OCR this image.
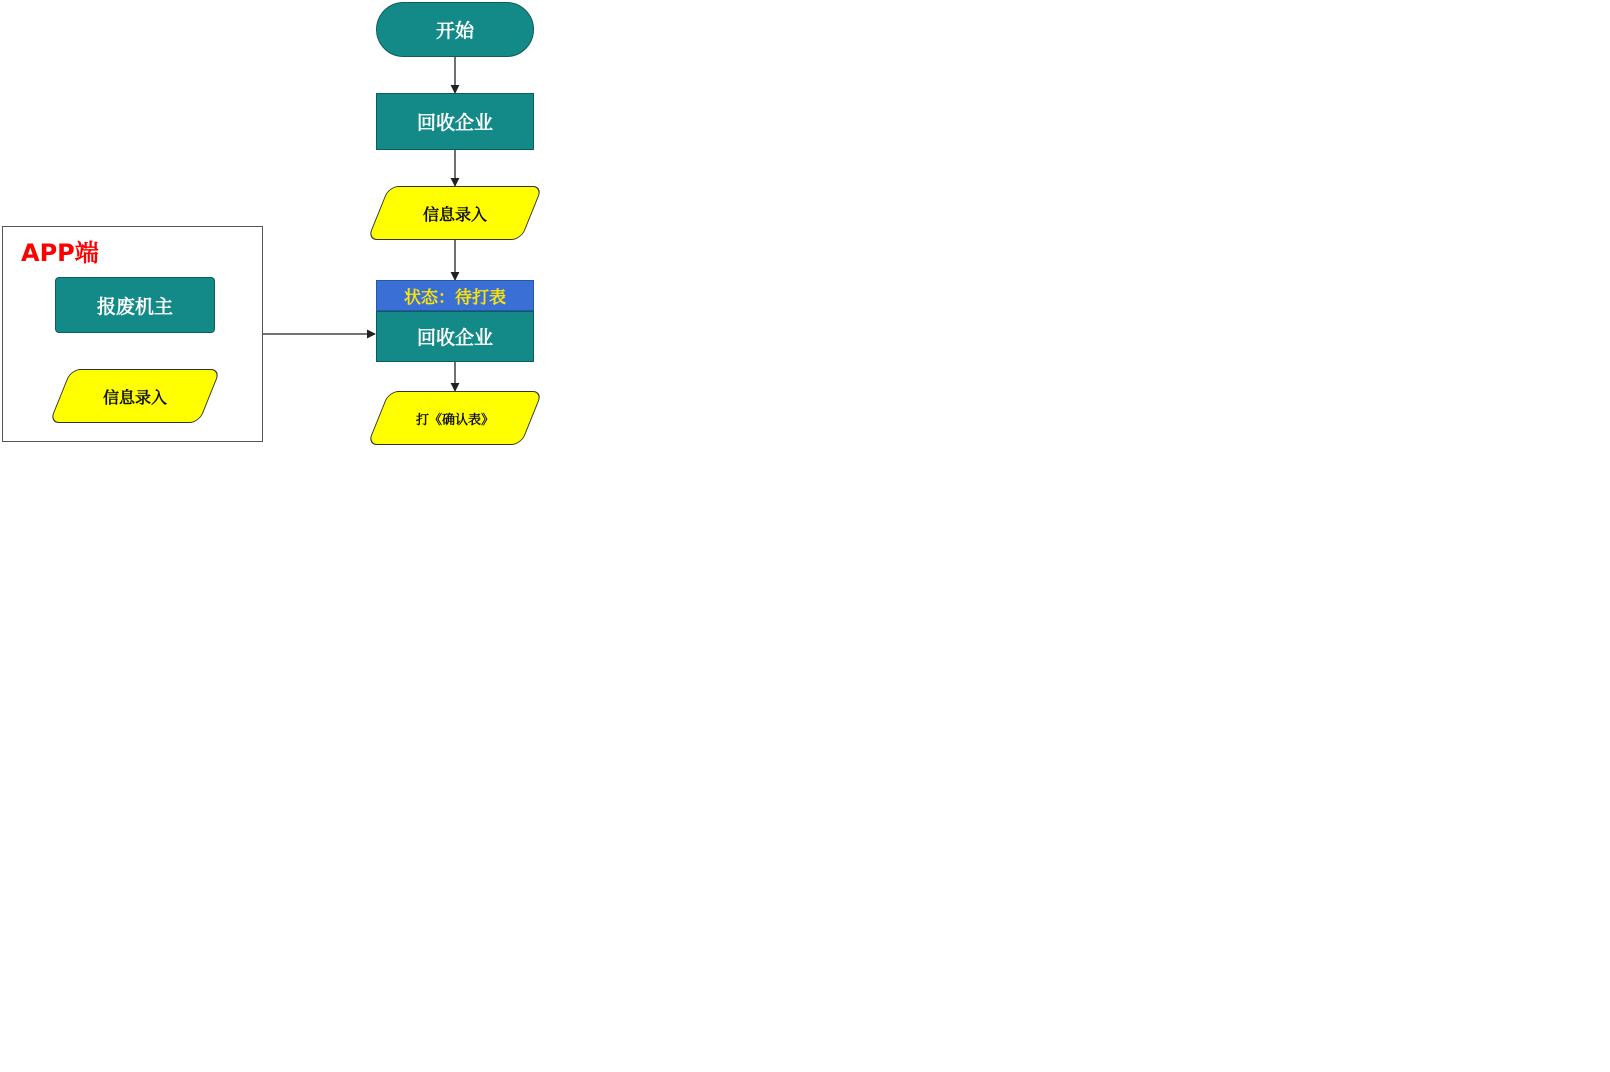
APP端
报废机主
信息录入
开始
回收企业
信息录入
状态：待打表
回收企业
打《确认表》
